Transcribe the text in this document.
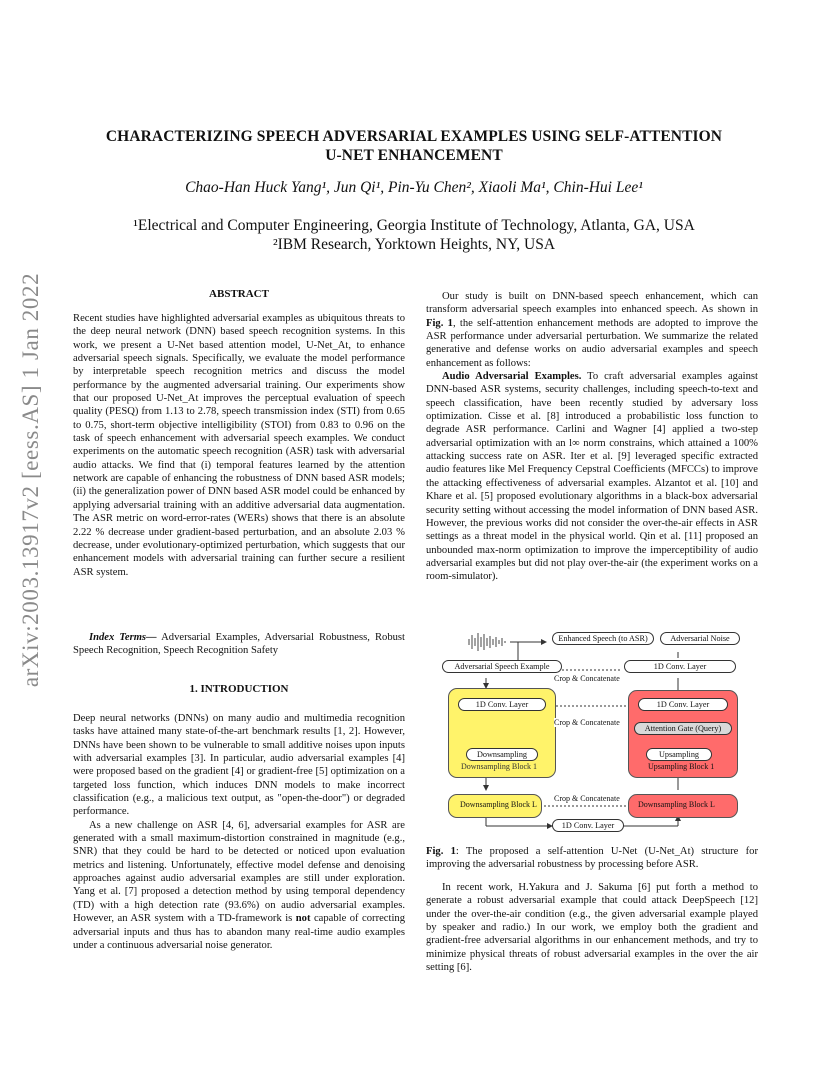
arXiv:2003.13917v2 [eess.AS] 1 Jan 2022
CHARACTERIZING SPEECH ADVERSARIAL EXAMPLES USING SELF-ATTENTION
U-NET ENHANCEMENT
Chao-Han Huck Yang¹, Jun Qi¹, Pin-Yu Chen², Xiaoli Ma¹, Chin-Hui Lee¹
¹Electrical and Computer Engineering, Georgia Institute of Technology, Atlanta, GA, USA
²IBM Research, Yorktown Heights, NY, USA
ABSTRACT

Recent studies have highlighted adversarial examples as ubiquitous threats to the deep neural network (DNN) based speech recognition systems. In this work, we present a U-Net based attention model, U-Net_At, to enhance adversarial speech signals. Specifically, we evaluate the model performance by interpretable speech recognition metrics and discuss the model performance by the augmented adversarial training. Our experiments show that our proposed U-Net_At improves the perceptual evaluation of speech quality (PESQ) from 1.13 to 2.78, speech transmission index (STI) from 0.65 to 0.75, short-term objective intelligibility (STOI) from 0.83 to 0.96 on the task of speech enhancement with adversarial speech examples. We conduct experiments on the automatic speech recognition (ASR) task with adversarial audio attacks. We find that (i) temporal features learned by the attention network are capable of enhancing the robustness of DNN based ASR models; (ii) the generalization power of DNN based ASR model could be enhanced by applying adversarial training with an additive adversarial data augmentation. The ASR metric on word-error-rates (WERs) shows that there is an absolute 2.22 % decrease under gradient-based perturbation, and an absolute 2.03 % decrease, under evolutionary-optimized perturbation, which suggests that our enhancement models with adversarial training can further secure a resilient ASR system.

Index Terms— Adversarial Examples, Adversarial Robustness, Robust Speech Recognition, Speech Recognition Safety

1. INTRODUCTION

Deep neural networks (DNNs) on many audio and multimedia recognition tasks have attained many state-of-the-art benchmark results [1, 2]. However, DNNs have been shown to be vulnerable to small additive noises upon inputs with adversarial examples [3]. In particular, audio adversarial examples [4] were proposed based on the gradient [4] or gradient-free [5] optimization on a targeted loss function, which induces DNN models to make incorrect classification (e.g., a malicious text output, as "open-the-door") or degraded performance.

As a new challenge on ASR [4, 6], adversarial examples for ASR are generated with a small maximum-distortion constrained in magnitude (e.g., SNR) that they could be hard to be detected or noticed upon evaluation metrics and listening. Unfortunately, effective model defense and denoising approaches against audio adversarial examples are still under exploration. Yang et al. [7] proposed a detection method by using temporal dependency (TD) with a high detection rate (93.6%) on audio adversarial examples. However, an ASR system with a TD-framework is not capable of correcting adversarial inputs and thus has to abandon many real-time audio examples under a continuous adversarial noise generator.

Our study is built on DNN-based speech enhancement, which can transform adversarial speech examples into enhanced speech. As shown in Fig. 1, the self-attention enhancement methods are adopted to improve the ASR performance under adversarial perturbation. We summarize the related generative and defense works on audio adversarial examples and speech enhancement as follows:

Audio Adversarial Examples. To craft adversarial examples against DNN-based ASR systems, security challenges, including speech-to-text and speech classification, have been recently studied by adversary loss optimization. Cisse et al. [8] introduced a probabilistic loss function to degrade ASR performance. Carlini and Wagner [4] applied a two-step adversarial optimization with an l∞ norm constrains, which attained a 100% attacking success rate on ASR. Iter et al. [9] leveraged specific extracted audio features like Mel Frequency Cepstral Coefficients (MFCCs) to improve the attacking effectiveness of adversarial examples. Alzantot et al. [10] and Khare et al. [5] proposed evolutionary algorithms in a black-box adversarial security setting without accessing the model information of DNN based ASR. However, the previous works did not consider the over-the-air effects in ASR settings as a threat model in the physical world. Qin et al. [11] proposed an unbounded max-norm optimization to improve the imperceptibility of audio adversarial examples but did not play over-the-air (the experiment works on a room-simulator).

Enhanced Speech (to ASR)	Adversarial Noise
Adversarial Speech Example	1D Conv. Layer
Crop & Concatenate
1D Conv. Layer
Downsampling
Downsampling Block 1
Crop & Concatenate
1D Conv. Layer
Attention Gate (Query)
Upsampling
Upsampling Block 1
Crop & Concatenate
Downsampling Block L	Downsampling Block L
1D Conv. Layer
Fig. 1: The proposed a self-attention U-Net (U-Net_At) structure for improving the adversarial robustness by processing before ASR.

In recent work, H.Yakura and J. Sakuma [6] put forth a method to generate a robust adversarial example that could attack DeepSpeech [12] under the over-the-air condition (e.g., the given adversarial example played by speaker and radio.) In our work, we employ both the gradient and gradient-free adversarial algorithms in our enhancement methods, and try to minimize physical threats of robust adversarial examples in the over the air setting [6].
